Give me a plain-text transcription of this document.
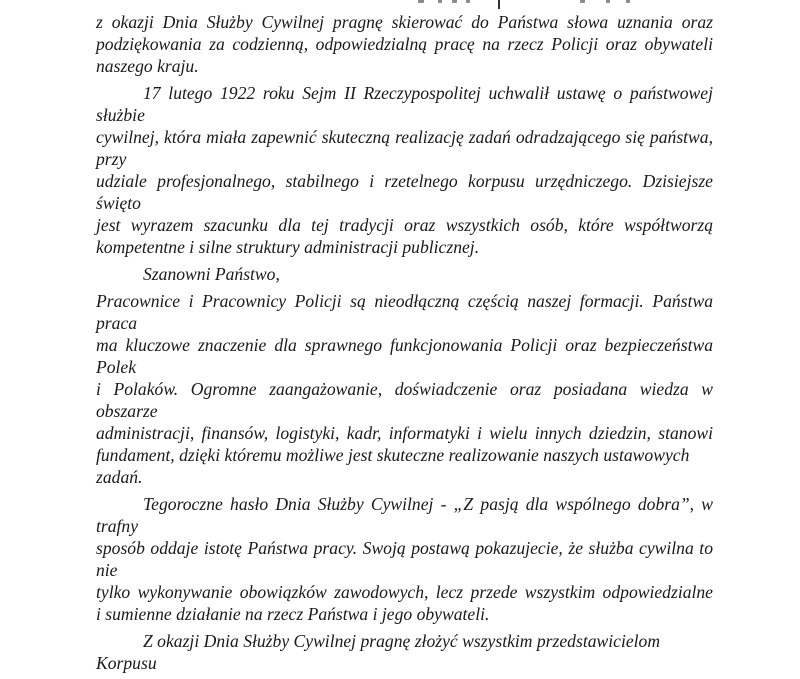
z okazji Dnia Służby Cywilnej pragnę skierować do Państwa słowa uznania oraz
podziękowania za codzienną, odpowiedzialną pracę na rzecz Policji oraz obywateli
naszego kraju.
17 lutego 1922 roku Sejm II Rzeczypospolitej uchwalił ustawę o państwowej służbie
cywilnej, która miała zapewnić skuteczną realizację zadań odradzającego się państwa, przy
udziale profesjonalnego, stabilnego i rzetelnego korpusu urzędniczego. Dzisiejsze święto
jest wyrazem szacunku dla tej tradycji oraz wszystkich osób, które współtworzą
kompetentne i silne struktury administracji publicznej.
Szanowni Państwo,
Pracownice i Pracownicy Policji są nieodłączną częścią naszej formacji. Państwa praca
ma kluczowe znaczenie dla sprawnego funkcjonowania Policji oraz bezpieczeństwa Polek
i Polaków. Ogromne zaangażowanie, doświadczenie oraz posiadana wiedza w obszarze
administracji, finansów, logistyki, kadr, informatyki i wielu innych dziedzin, stanowi
fundament, dzięki któremu możliwe jest skuteczne realizowanie naszych ustawowych zadań.
Tegoroczne hasło Dnia Służby Cywilnej - „Z pasją dla wspólnego dobra”, w trafny
sposób oddaje istotę Państwa pracy. Swoją postawą pokazujecie, że służba cywilna to nie
tylko wykonywanie obowiązków zawodowych, lecz przede wszystkim odpowiedzialne
i sumienne działanie na rzecz Państwa i jego obywateli.
Z okazji Dnia Służby Cywilnej pragnę złożyć wszystkim przedstawicielom Korpusu
